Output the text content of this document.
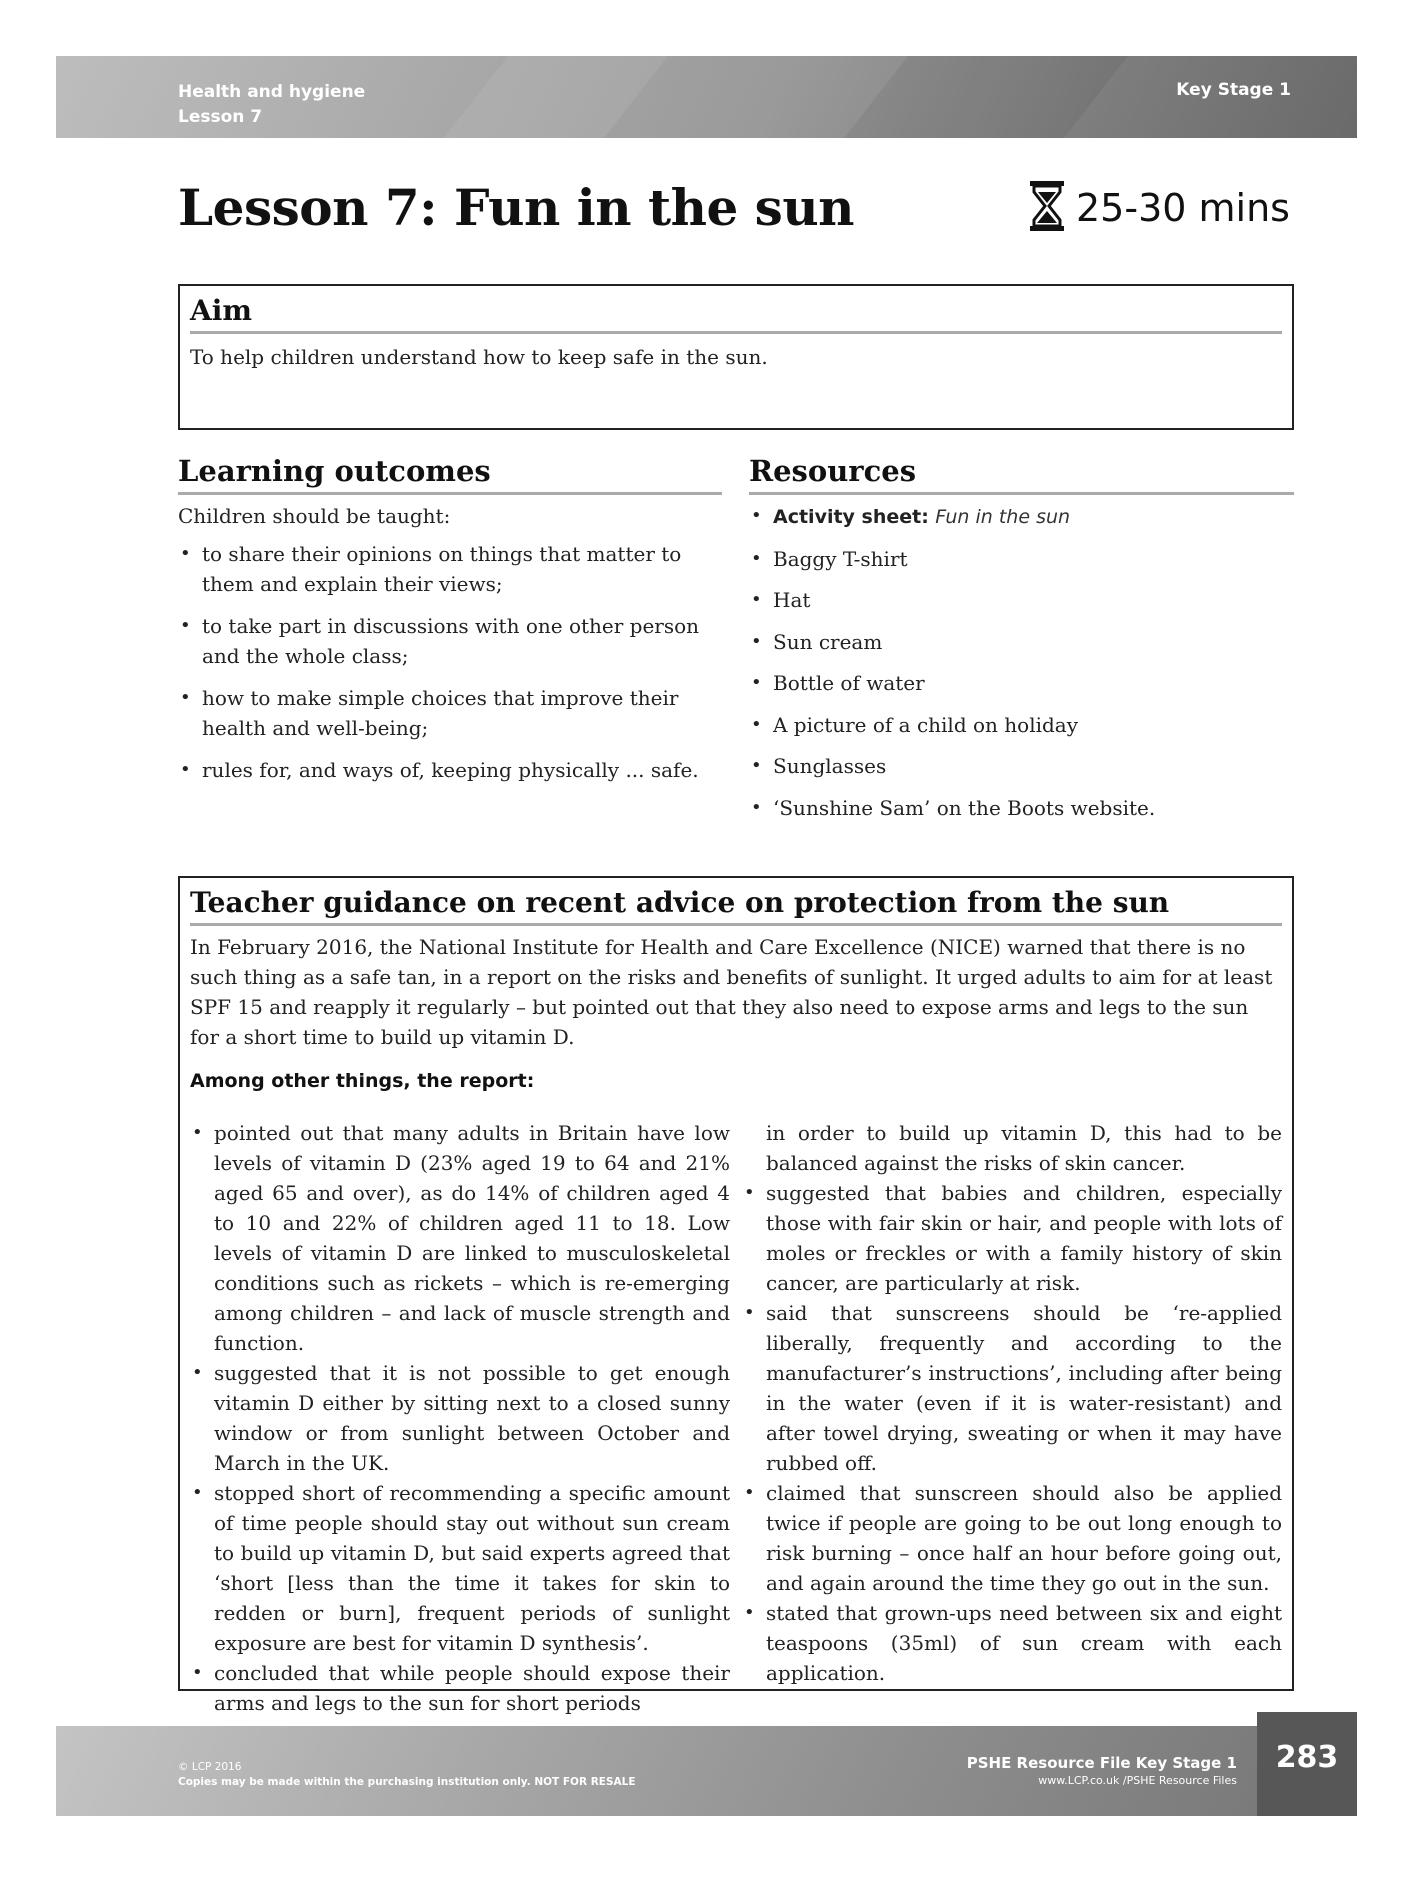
Health and hygiene
Lesson 7
Key Stage 1
Lesson 7: Fun in the sun	25-30 mins
Aim

To help children understand how to keep safe in the sun.

Learning outcomes

Children should be taught:

• to share their opinions on things that matter to them and explain their views;
• to take part in discussions with one other person and the whole class;
• how to make simple choices that improve their health and well-being;
• rules for, and ways of, keeping physically ... safe.
Resources
• Activity sheet: Fun in the sun
• Baggy T-shirt
• Hat
• Sun cream
• Bottle of water
• A picture of a child on holiday
• Sunglasses
• ‘Sunshine Sam’ on the Boots website.
Teacher guidance on recent advice on protection from the sun

In February 2016, the National Institute for Health and Care Excellence (NICE) warned that there is no such thing as a safe tan, in a report on the risks and benefits of sunlight. It urged adults to aim for at least SPF 15 and reapply it regularly – but pointed out that they also need to expose arms and legs to the sun for a short time to build up vitamin D.

Among other things, the report:

• pointed out that many adults in Britain have low levels of vitamin D (23% aged 19 to 64 and 21% aged 65 and over), as do 14% of children aged 4 to 10 and 22% of children aged 11 to 18. Low levels of vitamin D are linked to musculoskeletal conditions such as rickets – which is re-emerging among children – and lack of muscle strength and function.
• suggested that it is not possible to get enough vitamin D either by sitting next to a closed sunny window or from sunlight between October and March in the UK.
• stopped short of recommending a specific amount of time people should stay out without sun cream to build up vitamin D, but said experts agreed that ‘short [less than the time it takes for skin to redden or burn], frequent periods of sunlight exposure are best for vitamin D synthesis’.
• concluded that while people should expose their arms and legs to the sun for short periods

in order to build up vitamin D, this had to be balanced against the risks of skin cancer.

• suggested that babies and children, especially those with fair skin or hair, and people with lots of moles or freckles or with a family history of skin cancer, are particularly at risk.
• said that sunscreens should be ‘re-applied liberally, frequently and according to the manufacturer’s instructions’, including after being in the water (even if it is water-resistant) and after towel drying, sweating or when it may have rubbed off.
• claimed that sunscreen should also be applied twice if people are going to be out long enough to risk burning – once half an hour before going out, and again around the time they go out in the sun.
• stated that grown-ups need between six and eight teaspoons (35ml) of sun cream with each application.
© LCP 2016
Copies may be made within the purchasing institution only. NOT FOR RESALE
PSHE Resource File Key Stage 1
www.LCP.co.uk /PSHE Resource Files
283
